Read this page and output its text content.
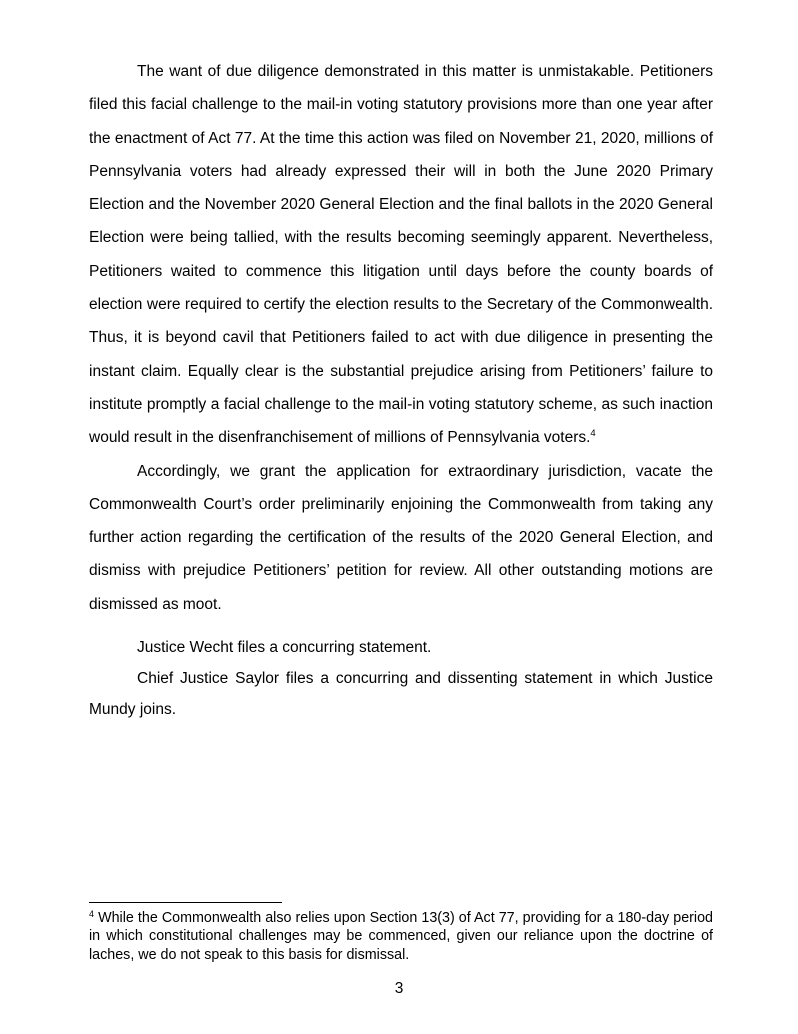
The want of due diligence demonstrated in this matter is unmistakable. Petitioners filed this facial challenge to the mail-in voting statutory provisions more than one year after the enactment of Act 77. At the time this action was filed on November 21, 2020, millions of Pennsylvania voters had already expressed their will in both the June 2020 Primary Election and the November 2020 General Election and the final ballots in the 2020 General Election were being tallied, with the results becoming seemingly apparent. Nevertheless, Petitioners waited to commence this litigation until days before the county boards of election were required to certify the election results to the Secretary of the Commonwealth. Thus, it is beyond cavil that Petitioners failed to act with due diligence in presenting the instant claim. Equally clear is the substantial prejudice arising from Petitioners’ failure to institute promptly a facial challenge to the mail-in voting statutory scheme, as such inaction would result in the disenfranchisement of millions of Pennsylvania voters.$^4$

Accordingly, we grant the application for extraordinary jurisdiction, vacate the Commonwealth Court’s order preliminarily enjoining the Commonwealth from taking any further action regarding the certification of the results of the 2020 General Election, and dismiss with prejudice Petitioners’ petition for review. All other outstanding motions are dismissed as moot.

Justice Wecht files a concurring statement.

Chief Justice Saylor files a concurring and dissenting statement in which Justice Mundy joins.

$^4$ While the Commonwealth also relies upon Section 13(3) of Act 77, providing for a 180-day period in which constitutional challenges may be commenced, given our reliance upon the doctrine of laches, we do not speak to this basis for dismissal.

3
